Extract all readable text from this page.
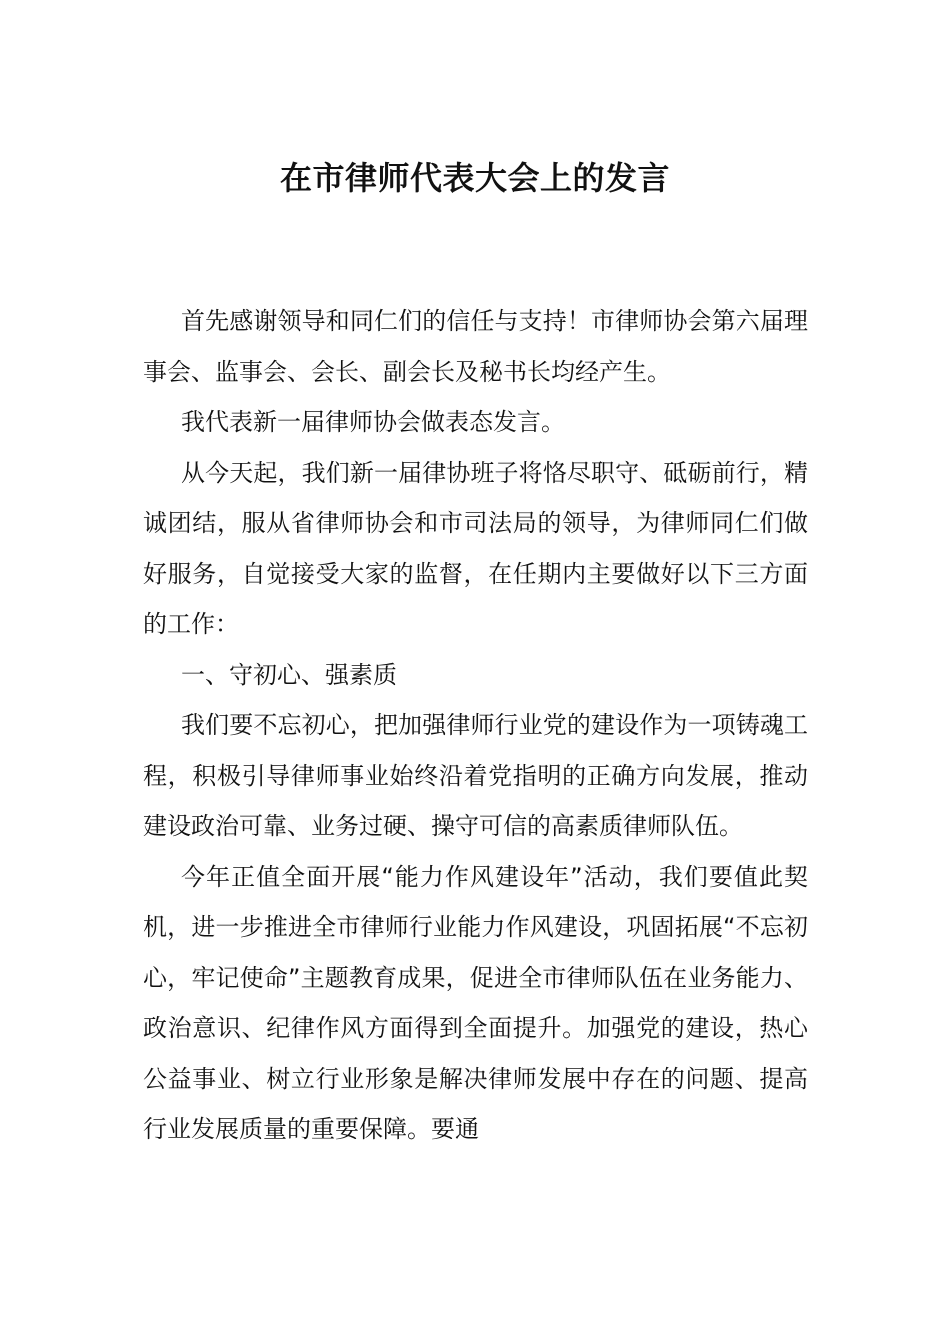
在市律师代表大会上的发言

首先感谢领导和同仁们的信任与支持！市律师协会第六届理事会、监事会、会长、副会长及秘书长均经产生。

我代表新一届律师协会做表态发言。

从今天起，我们新一届律协班子将恪尽职守、砥砺前行，精诚团结，服从省律师协会和市司法局的领导，为律师同仁们做好服务，自觉接受大家的监督，在任期内主要做好以下三方面的工作：

一、守初心、强素质

我们要不忘初心，把加强律师行业党的建设作为一项铸魂工程，积极引导律师事业始终沿着党指明的正确方向发展，推动建设政治可靠、业务过硬、操守可信的高素质律师队伍。

今年正值全面开展“能力作风建设年”活动，我们要值此契机，进一步推进全市律师行业能力作风建设，巩固拓展“不忘初心，牢记使命”主题教育成果，促进全市律师队伍在业务能力、政治意识、纪律作风方面得到全面提升。加强党的建设，热心公益事业、树立行业形象是解决律师发展中存在的问题、提高行业发展质量的重要保障。要通
